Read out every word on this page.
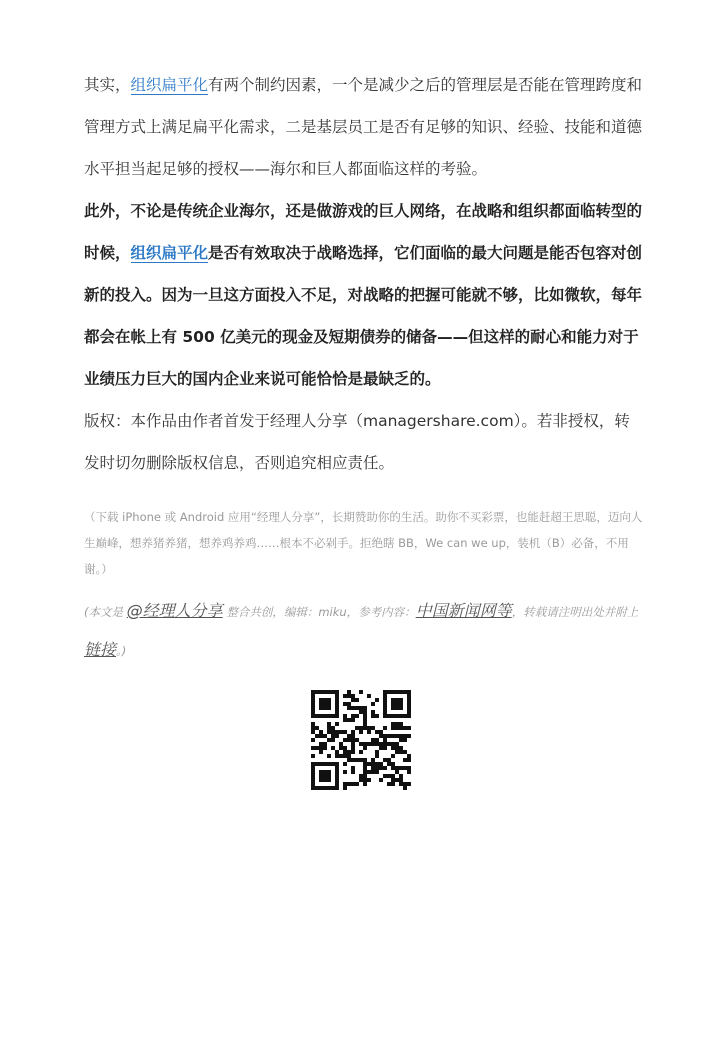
其实，组织扁平化有两个制约因素，一个是减少之后的管理层是否能在管理跨度和管理方式上满足扁平化需求，二是基层员工是否有足够的知识、经验、技能和道德水平担当起足够的授权——海尔和巨人都面临这样的考验。

此外，不论是传统企业海尔，还是做游戏的巨人网络，在战略和组织都面临转型的时候，组织扁平化是否有效取决于战略选择，它们面临的最大问题是能否包容对创新的投入。因为一旦这方面投入不足，对战略的把握可能就不够，比如微软，每年都会在帐上有 500 亿美元的现金及短期债券的储备——但这样的耐心和能力对于业绩压力巨大的国内企业来说可能恰恰是最缺乏的。

版权：本作品由作者首发于经理人分享（managershare.com）。若非授权，转发时切勿删除版权信息，否则追究相应责任。

（下载 iPhone 或 Android 应用“经理人分享”，长期赞助你的生活。助你不买彩票，也能赶超王思聪，迈向人生巅峰，想养猪养猪，想养鸡养鸡……根本不必剁手。拒绝瞎 BB，We can we up，装机（B）必备，不用谢。）

(本文是 @经理人分享 整合共创，编辑：miku，参考内容：中国新闻网等，转载请注明出处并附上链接。)
